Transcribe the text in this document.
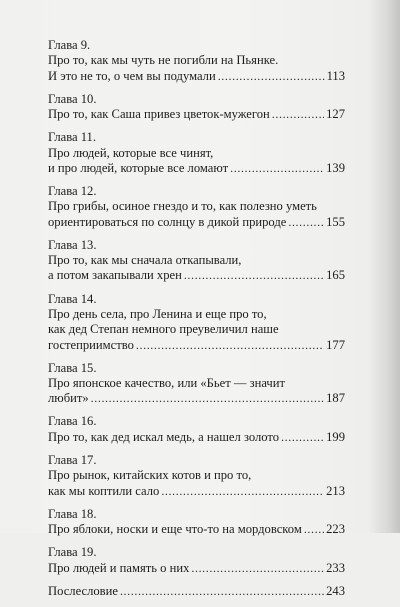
Глава 9.
Про то, как мы чуть не погибли на Пьянке.
И это не то, о чем вы подумали . . .	113
Глава 10.
Про то, как Саша привез цветок-мужегон . . .	127
Глава 11.
Про людей, которые все чинят,
и про людей, которые все ломают . . .	139
Глава 12.
Про грибы, осиное гнездо и то, как полезно уметь
ориентироваться по солнцу в дикой природе . . .	155
Глава 13.
Про то, как мы сначала откапывали,
а потом закапывали хрен . . .	165
Глава 14.
Про день села, про Ленина и еще про то,
как дед Степан немного преувеличил наше
гостеприимство . . .	177
Глава 15.
Про японское качество, или «Бьет — значит
любит» . . .	187
Глава 16.
Про то, как дед искал медь, а нашел золото . . .	199
Глава 17.
Про рынок, китайских котов и про то,
как мы коптили сало . . .	213
Глава 18.
Про яблоки, носки и еще что-то на мордовском . . . 223
Глава 19.
Про людей и память о них . . .	233
Послесловие . . .	243
